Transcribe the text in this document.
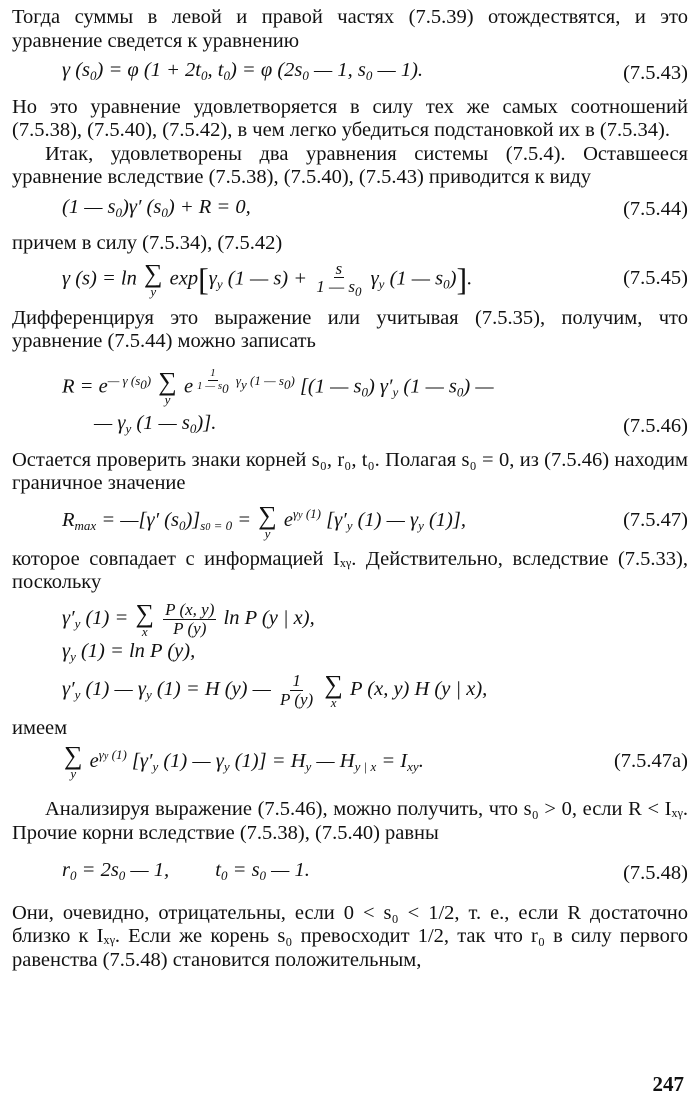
Тогда суммы в левой и правой частях (7.5.39) отождествятся, и это уравнение сведется к уравнению

γ $(s_0) = \varphi$ ($1 + 2t_0$, $t_0) = \varphi$ ($2s_0$ — 1, $s_0$ — 1).	(7.5.43)

Но это уравнение удовлетворяется в силу тех же самых соотношений (7.5.38), (7.5.40), (7.5.42), в чем легко убедиться подстановкой их в (7.5.34).

Итак, удовлетворены два уравнения системы (7.5.4). Оставшееся уравнение вследствие (7.5.38), (7.5.40), (7.5.43) приводится к виду

(1 — $s_0)\gamma'$ $(s_0) + R = 0$,	(7.5.44)

причем в силу (7.5.34), (7.5.42)

γ (s) = ln ∑
y
$\exp[\gamma_y$ (1 — $s) + \frac{s}{1 — s_0} \gamma_y$ (1 — $s_0$)].	(7.5.45)

Дифференцируя это выражение или учитывая (7.5.35), получим, что уравнение (7.5.44) можно записать

$R = e^{— \gamma (s0)}$ ∑
y
e $^{\frac{1}{1 — s0} \gamma y (1 — s0)}$ [(1 — $s_0$) $\gamma'_y$ (1 — $s_0$) —
— $\gamma_y$ (1 — $s_0$)].	(7.5.46)

Остается проверить знаки корней s₀, r₀, t₀. Полагая s₀ = 0, из (7.5.46) находим граничное значение

$R_{max}$ = —[γ′ $(s_0)]_{s0 = 0}$ = ∑
y
$e^{\gamma y (1)}$ [$\gamma'_y$ (1) — $\gamma_y$ (1)],	(7.5.47)

которое совпадает с информацией Iₓᵧ. Действительно, вследствие (7.5.33), поскольку

$\gamma'_y$ (1) = ∑
x
$\frac{P (x, y)}{P (y)}$ ln P (y | x),
$\gamma_y$ (1) = ln P (y),
$\gamma'_y$ (1) — $\gamma_y$ (1) = H (y) — $\frac{1}{P (y)}$
∑
x
P (x, y) H (y | x),

имеем

∑
y
$e^{\gamma y (1)}$ [$\gamma'_y$ (1) — $\gamma_y$ $(1)] = H_y$ — $H_{y | x} = I_{xy}$.	(7.5.47а)

Анализируя выражение (7.5.46), можно получить, что s₀ > 0, если R < Iₓᵧ. Прочие корни вследствие (7.5.38), (7.5.40) равны

$r_0 = 2s_0$ — 1,         $t_0 = s_0$ — 1.	(7.5.48)

Они, очевидно, отрицательны, если 0 < s₀ < 1/2, т. е., если R достаточно близко к Iₓᵧ. Если же корень s₀ превосходит 1/2, так что r₀ в силу первого равенства (7.5.48) становится положительным,

247
